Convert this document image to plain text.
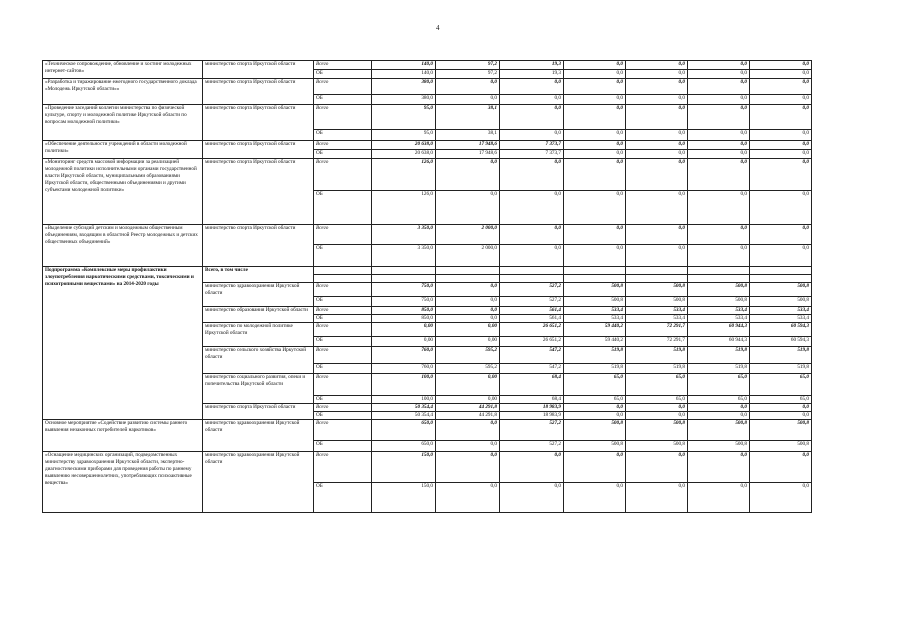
4
«Техническое сопровождение, обновление и хостинг молодежных интернет-сайтов»	министерство спорта Иркутской области	Всего	140,0	97,2	19,3	0,0	0,0	0,0	0,0
		ОБ	140,0	97,2	19,3	0,0	0,0	0,0	0,0
«Разработка и тиражирование ежегодного государственного доклада «Молодежь Иркутской области»»	министерство спорта Иркутской области	Всего	380,0	0,0	0,0	0,0	0,0	0,0	0,0
		ОБ	380,0	0,0	0,0	0,0	0,0	0,0	0,0
«Проведение заседаний коллегии министерства по физической культуре, спорту и молодежной политике Иркутской области по вопросам молодежной политики»	министерство спорта Иркутской области	Всего	95,0	38,1	0,0	0,0	0,0	0,0	0,0
		ОБ	95,0	38,1	0,0	0,0	0,0	0,0	0,0
«Обеспечение деятельности учреждений в области молодежной политики»	министерство спорта Иркутской области	Всего	20 638,0	17 948,6	7 373,7	0,0	0,0	0,0	0,0
		ОБ	20 638,0	17 948,6	7 373,7	0,0	0,0	0,0	0,0
«Мониторинг средств массовой информации за реализацией молодежной политики исполнительными органами государственной власти Иркутской области, муниципальными образованиями Иркутской области, общественными объединениями и другими субъектами молодежной политики»	министерство спорта Иркутской области	Всего	126,0	0,0	0,0	0,0	0,0	0,0	0,0
		ОБ	126,0	0,0	0,0	0,0	0,0	0,0	0,0
«Выделение субсидий детским и молодежным общественным объединениям, входящим в областной Реестр молодежных и детских общественных объединений»	министерство спорта Иркутской области	Всего	3 350,0	2 000,0	0,0	0,0	0,0	0,0	0,0
		ОБ	3 350,0	2 000,0	0,0	0,0	0,0	0,0	0,0
Подпрограмма «Комплексные меры профилактики злоупотребления наркотическими средствами, токсическими и психотропными веществами» на 2014-2020 годы	Всего, в том числе								

	министерство здравоохранения Иркутской области	Всего	750,0	0,0	527,2	500,8	500,8	500,8	500,8
		ОБ	750,0	0,0	527,2	500,8	500,8	500,8	500,8
	министерство образования Иркутской области	Всего	850,0	0,0	561,4	533,4	533,4	533,4	533,4
		ОБ	850,0	0,0	561,4	533,4	533,4	533,4	533,4
	министерство по молодежной политике Иркутской области	Всего	0,00	0,00	26 651,2	59 440,2	72 291,7	60 944,3	60 594,3
		ОБ	0,00	0,00	26 651,2	59 440,2	72 291,7	60 944,3	60 594,3
	министерство сельского хозяйства Иркутской области	Всего	760,0	595,2	547,2	519,8	519,8	519,8	519,8
		ОБ	760,0	595,2	547,2	519,8	519,8	519,8	519,8
	министерство социального развития, опеки и попечительства Иркутской области	Всего	100,0	0,00	68,4	65,0	65,0	65,0	65,0
		ОБ	100,0	0,00	68,4	65,0	65,0	65,0	65,0
	министерство спорта Иркутской области	Всего	50 354,4	44 291,8	18 983,9	0,0	0,0	0,0	0,0
		ОБ	50 354,4	44 291,8	18 983,9	0,0	0,0	0,0	0,0
Основное мероприятие «Содействие развитию системы раннего выявления незаконных потребителей наркотиков»	министерство здравоохранения Иркутской области	Всего	650,0	0,0	527,2	500,8	500,8	500,8	500,8
		ОБ	650,0	0,0	527,2	500,8	500,8	500,8	500,8
«Оснащение медицинских организаций, подведомственных министерству здравоохранения Иркутской области, экспертно-диагностическими приборами для проведения работы по раннему выявлению несовершеннолетних, употребляющих психоактивные вещества»	министерство здравоохранения Иркутской области	Всего	150,0	0,0	0,0	0,0	0,0	0,0	0,0
		ОБ	150,0	0,0	0,0	0,0	0,0	0,0	0,0
